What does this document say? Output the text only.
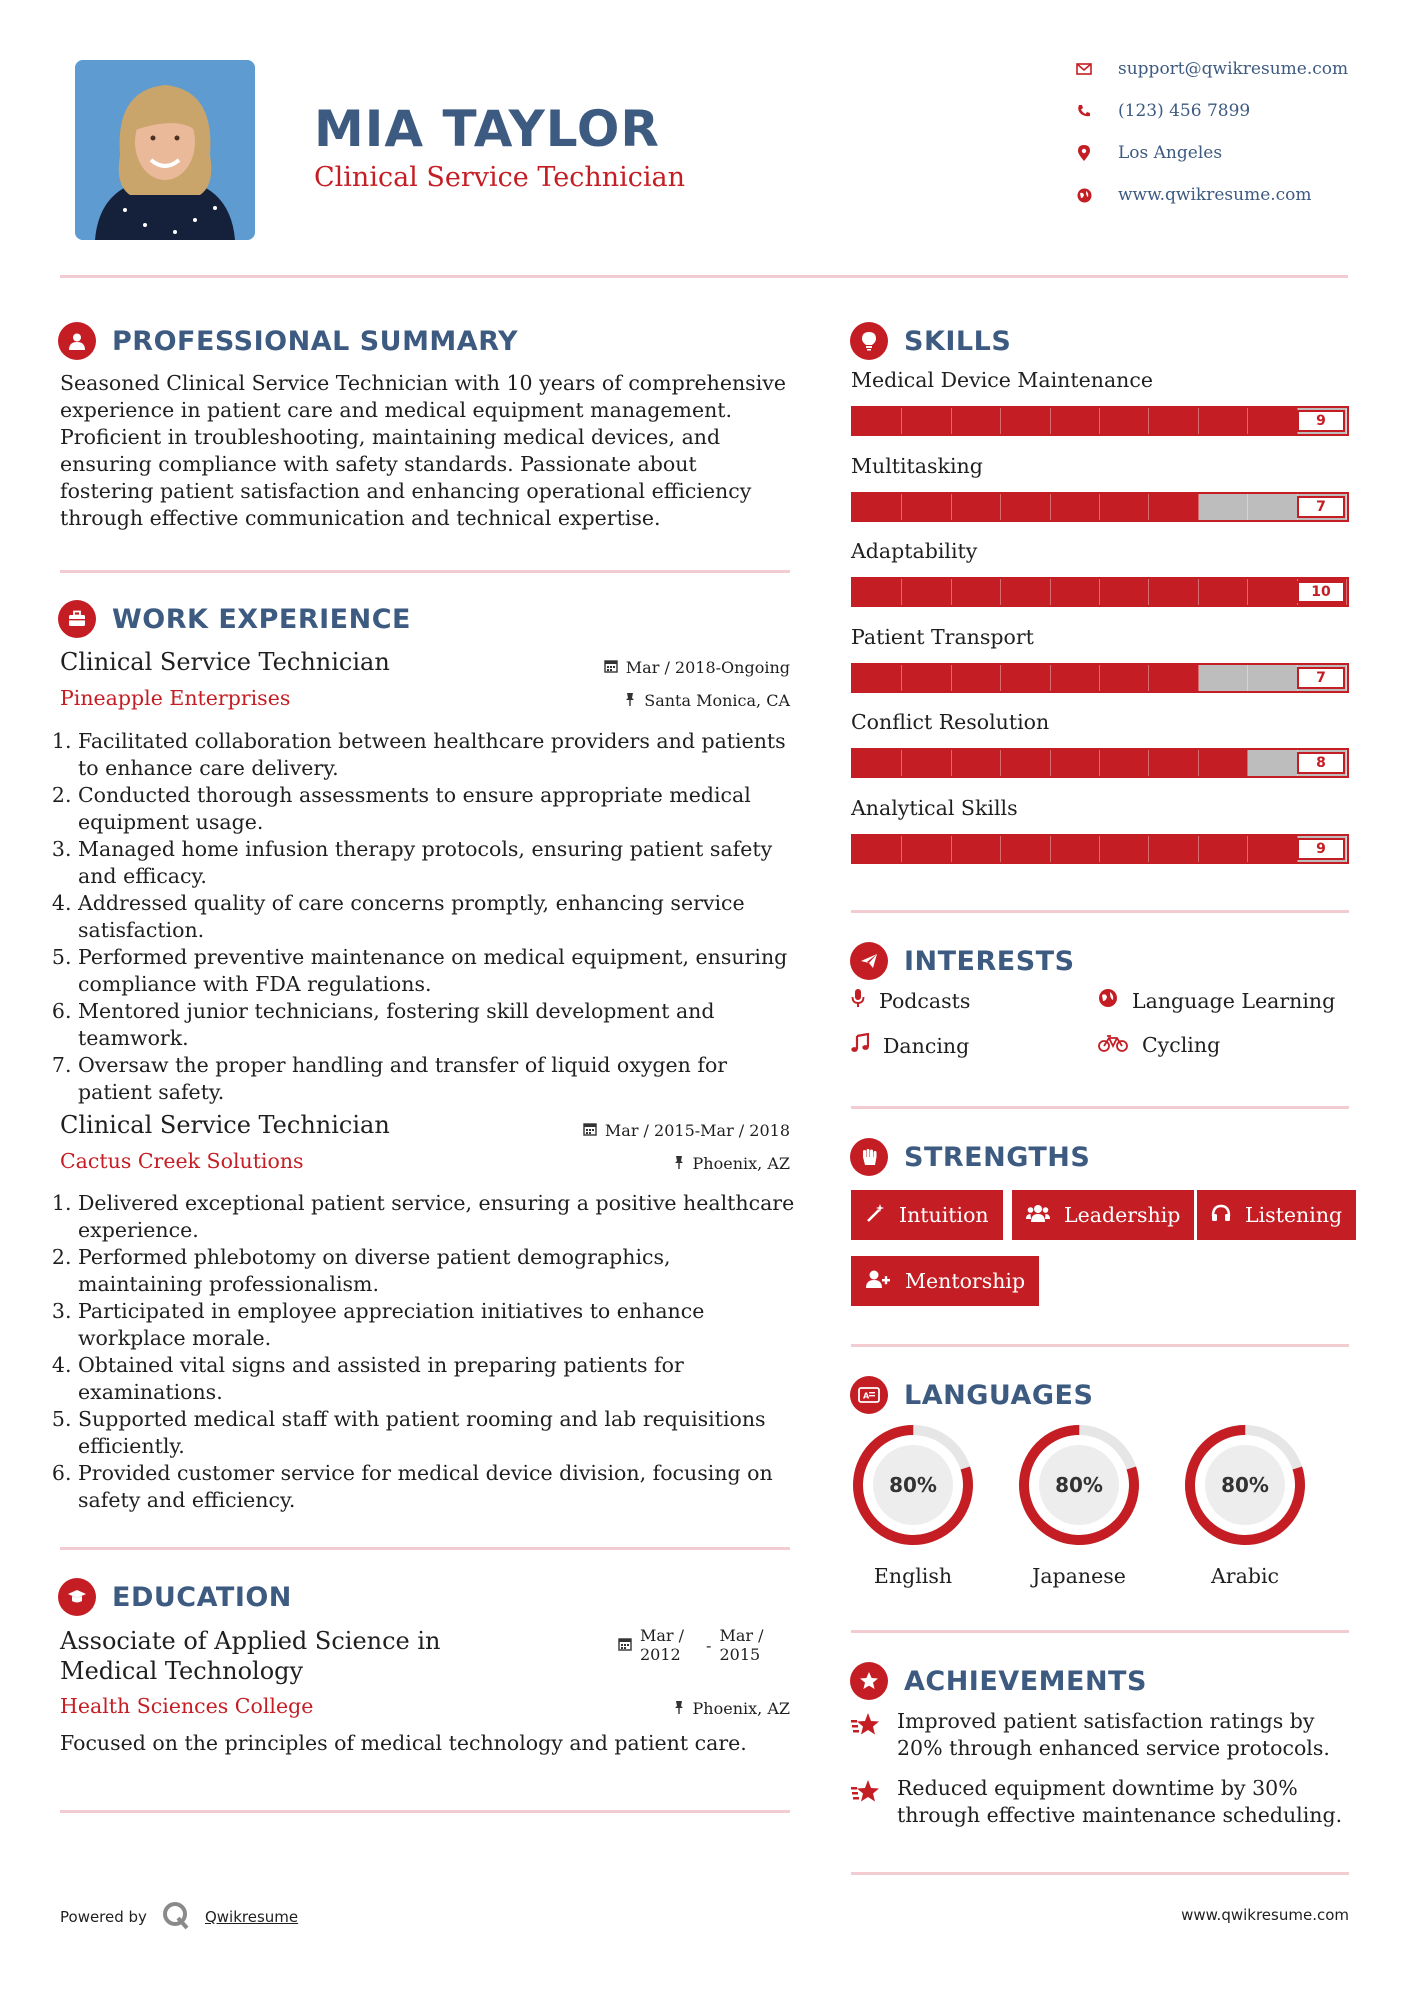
MIA TAYLOR
Clinical Service Technician
support@qwikresume.com
(123) 456 7899
Los Angeles
www.qwikresume.com
PROFESSIONAL SUMMARY
Seasoned Clinical Service Technician with 10 years of comprehensive experience in patient care and medical equipment management. Proficient in troubleshooting, maintaining medical devices, and ensuring compliance with safety standards. Passionate about fostering patient satisfaction and enhancing operational efficiency through effective communication and technical expertise.
WORK EXPERIENCE
Clinical Service Technician	Mar / 2018-Ongoing
Pineapple Enterprises	Santa Monica, CA
1. Facilitated collaboration between healthcare providers and patients to enhance care delivery.
2. Conducted thorough assessments to ensure appropriate medical equipment usage.
3. Managed home infusion therapy protocols, ensuring patient safety and efficacy.
4. Addressed quality of care concerns promptly, enhancing service satisfaction.
5. Performed preventive maintenance on medical equipment, ensuring compliance with FDA regulations.
6. Mentored junior technicians, fostering skill development and teamwork.
7. Oversaw the proper handling and transfer of liquid oxygen for patient safety.
Clinical Service Technician	Mar / 2015-Mar / 2018
Cactus Creek Solutions	Phoenix, AZ
1. Delivered exceptional patient service, ensuring a positive healthcare experience.
2. Performed phlebotomy on diverse patient demographics, maintaining professionalism.
3. Participated in employee appreciation initiatives to enhance workplace morale.
4. Obtained vital signs and assisted in preparing patients for examinations.
5. Supported medical staff with patient rooming and lab requisitions efficiently.
6. Provided customer service for medical device division, focusing on safety and efficiency.
EDUCATION
Associate of Applied Science in Medical Technology
Mar /
2012 - Mar /
2015
Health Sciences College	Phoenix, AZ
Focused on the principles of medical technology and patient care.
SKILLS
Medical Device Maintenance
9
Multitasking
7
Adaptability
10
Patient Transport
7
Conflict Resolution
8
Analytical Skills
9
INTERESTS
Podcasts	Language Learning
Dancing	Cycling
STRENGTHS
Intuition	Leadership	Listening
Mentorship
A LANGUAGES
80%
English
80%
Japanese
80%
Arabic
ACHIEVEMENTS
Improved patient satisfaction ratings by 20% through enhanced service protocols.
Reduced equipment downtime by 30% through effective maintenance scheduling.
Powered by	Qwikresume	www.qwikresume.com
